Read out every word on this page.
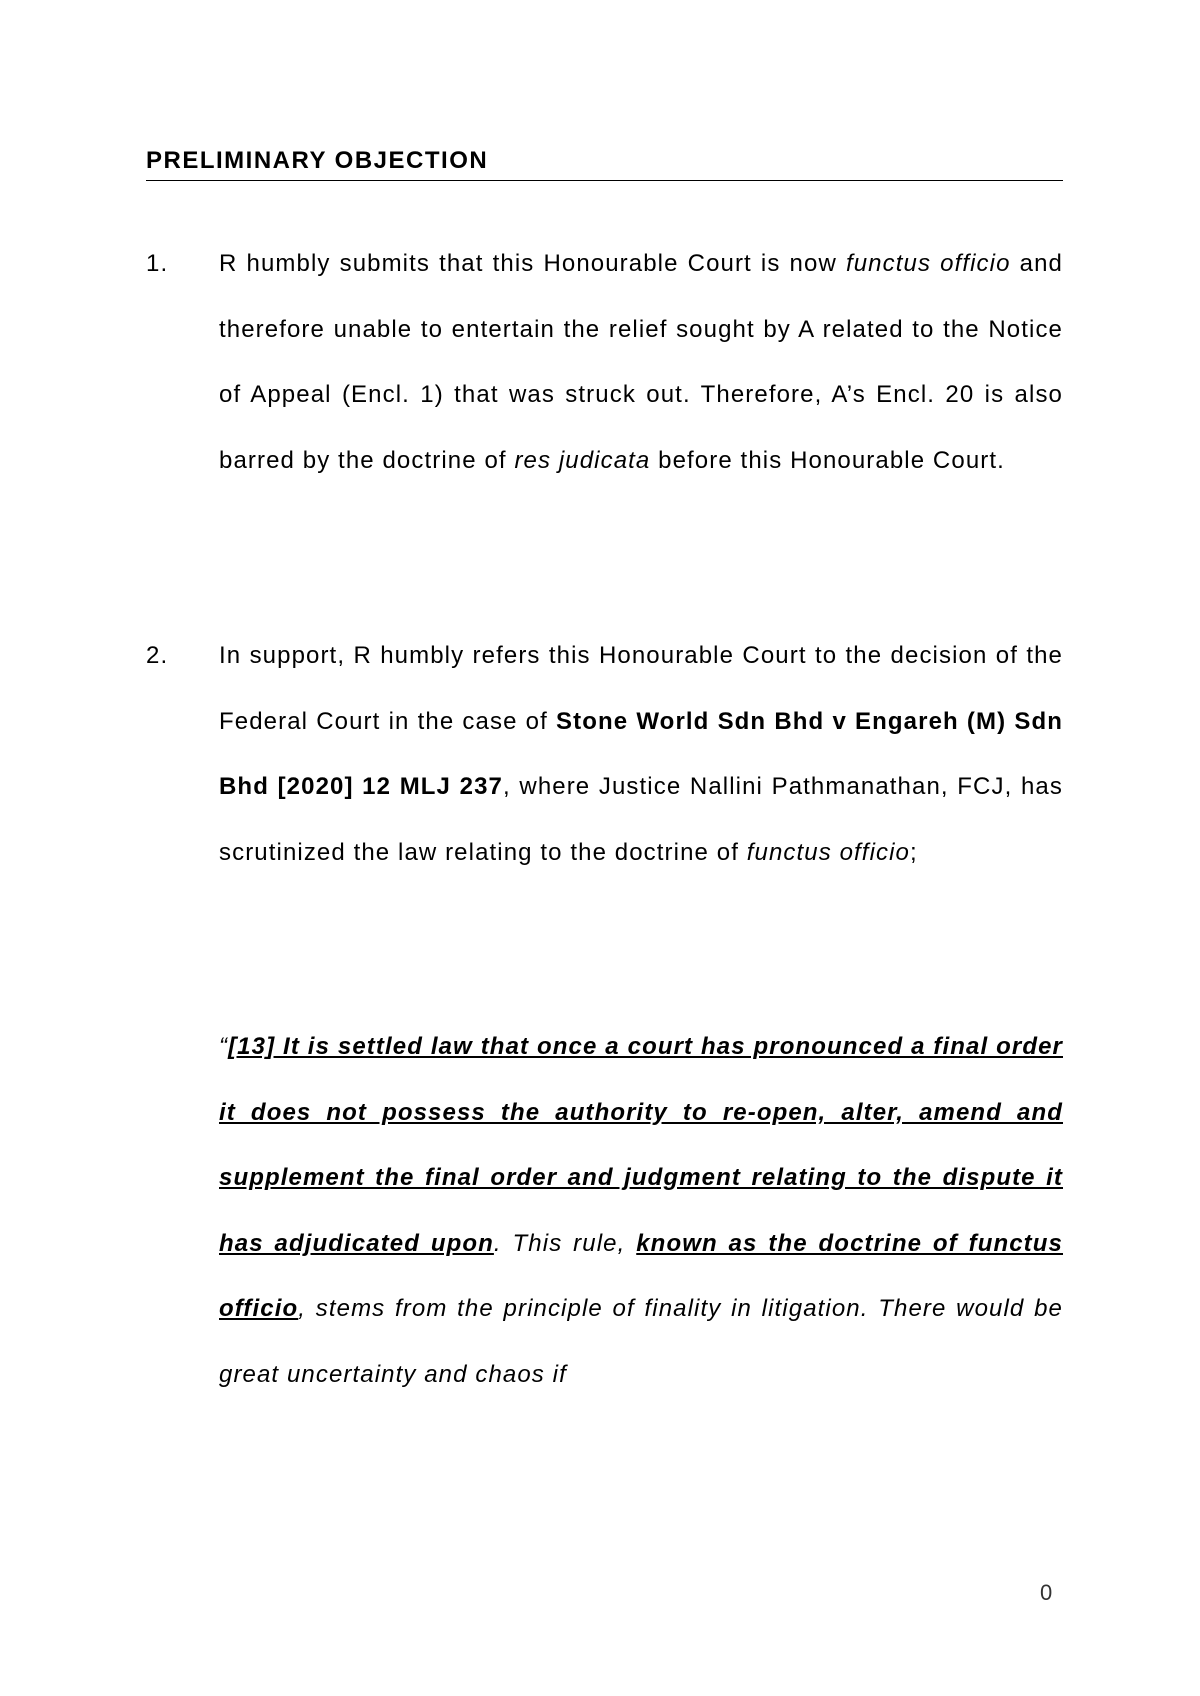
PRELIMINARY OBJECTION
1. R humbly submits that this Honourable Court is now functus officio and therefore unable to entertain the relief sought by A related to the Notice of Appeal (Encl. 1) that was struck out. Therefore, A’s Encl. 20 is also barred by the doctrine of res judicata before this Honourable Court.
2. In support, R humbly refers this Honourable Court to the decision of the Federal Court in the case of Stone World Sdn Bhd v Engareh (M) Sdn Bhd [2020] 12 MLJ 237, where Justice Nallini Pathmanathan, FCJ, has scrutinized the law relating to the doctrine of functus officio;
“[13] It is settled law that once a court has pronounced a final order it does not possess the authority to re-open, alter, amend and supplement the final order and judgment relating to the dispute it has adjudicated upon. This rule, known as the doctrine of functus officio, stems from the principle of finality in litigation. There would be great uncertainty and chaos if
0
